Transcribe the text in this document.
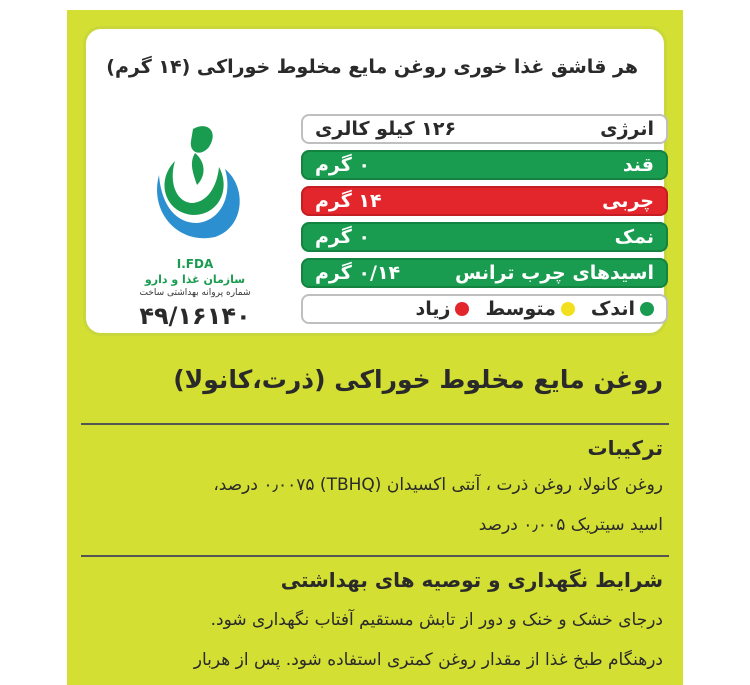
هر قاشق غذا خوری روغن مایع مخلوط خوراکی (۱۴ گرم)
I.FDA
سازمان غذا و دارو
شماره پروانه بهداشتی ساخت
۴۹/۱۶۱۴۰
انرژی
۱۲۶ کیلو کالری
قند
۰ گرم
چربی
۱۴ گرم
نمک
۰ گرم
اسیدهای چرب ترانس
۰/۱۴ گرم
اندک
متوسط
زیاد
روغن مایع مخلوط خوراکی (ذرت،کانولا)
ترکیبات
روغن کانولا، روغن ذرت ، آنتی اکسیدان (TBHQ) ۰٫۰۰۷۵ درصد،
اسید سیتریک ۰٫۰۰۵ درصد
شرایط نگهداری و توصیه های بهداشتی
درجای خشک و خنک و دور از تابش مستقیم آفتاب نگهداری شود.
درهنگام طبخ غذا از مقدار روغن کمتری استفاده شود. پس از هربار
